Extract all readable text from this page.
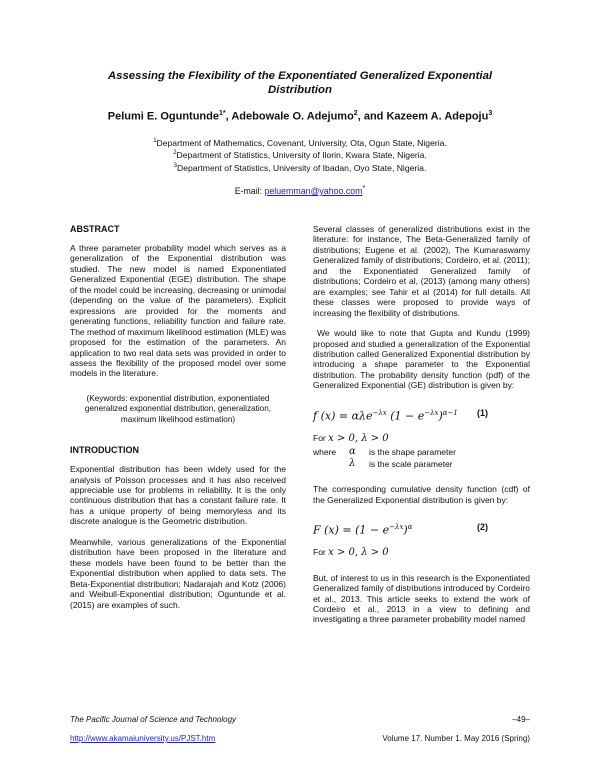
Assessing the Flexibility of the Exponentiated Generalized Exponential
Distribution
Pelumi E. Oguntunde$^{1*}$, Adebowale O. Adejumo$^2$, and Kazeem A. Adepoju$^3$
$^1$Department of Mathematics, Covenant, University, Ota, Ogun State, Nigeria.
$^2$Department of Statistics, University of Ilorin, Kwara State, Nigeria.
$^3$Department of Statistics, University of Ibadan, Oyo State, Nigeria.
E-mail: peluemman@yahoo.com*
ABSTRACT

A three parameter probability model which serves as a generalization of the Exponential distribution was studied. The new model is named Exponentiated Generalized Exponential (EGE) distribution. The shape of the model could be increasing, decreasing or unimodal (depending on the value of the parameters). Explicit expressions are provided for the moments and generating functions, reliability function and failure rate. The method of maximum likelihood estimation (MLE) was proposed for the estimation of the parameters. An application to two real data sets was provided in order to assess the flexibility of the proposed model over some models in the literature.

(Keywords: exponential distribution, exponentiated generalized exponential distribution, generalization, maximum likelihood estimation)

INTRODUCTION

Exponential distribution has been widely used for the analysis of Poisson processes and it has also received appreciable use for problems in reliability. It is the only continuous distribution that has a constant failure rate. It has a unique property of being memoryless and its discrete analogue is the Geometric distribution.

Meanwhile, various generalizations of the Exponential distribution have been proposed in the literature and these models have been found to be better than the Exponential distribution when applied to data sets. The Beta-Exponential distribution; Nadarajah and Kotz (2006) and Weibull-Exponential distribution; Oguntunde et al. (2015) are examples of such.

Several classes of generalized distributions exist in the literature: for instance, The Beta-Generalized family of distributions; Eugene et al. (2002), The Kumaraswamy Generalized family of distributions; Cordeiro, et al. (2011); and the Exponentiated Generalized family of distributions; Cordeiro et al, (2013) (among many others) are examples; see Tahir et al (2014) for full details. All these classes were proposed to provide ways of increasing the flexibility of distributions.

We would like to note that Gupta and Kundu (1999) proposed and studied a generalization of the Exponential distribution called Generalized Exponential distribution by introducing a shape parameter to the Exponential distribution. The probability density function (pdf) of the Generalized Exponential (GE) distribution is given by:

f (x) = αλe$^{-\lambda x}$ $(1 - e^{-\lambda x})^{\alpha-1}$ (1)
For x > 0, λ > 0
where	α	is the shape parameter
λ	is the scale parameter

The corresponding cumulative density function (cdf) of the Generalized Exponential distribution is given by:

F $(x) = (1 - e^{-\lambda x})^\alpha$	(2)
For x > 0, λ > 0

But, of interest to us in this research is the Exponentiated Generalized family of distributions introduced by Cordeiro et al., 2013. This article seeks to extend the work of Cordeiro et al., 2013 in a view to defining and investigating a three parameter probability model named

The Pacific Journal of Science and Technology
http://www.akamaiuniversity.us/PJST.htm
–49–
Volume 17. Number 1. May 2016 (Spring)
